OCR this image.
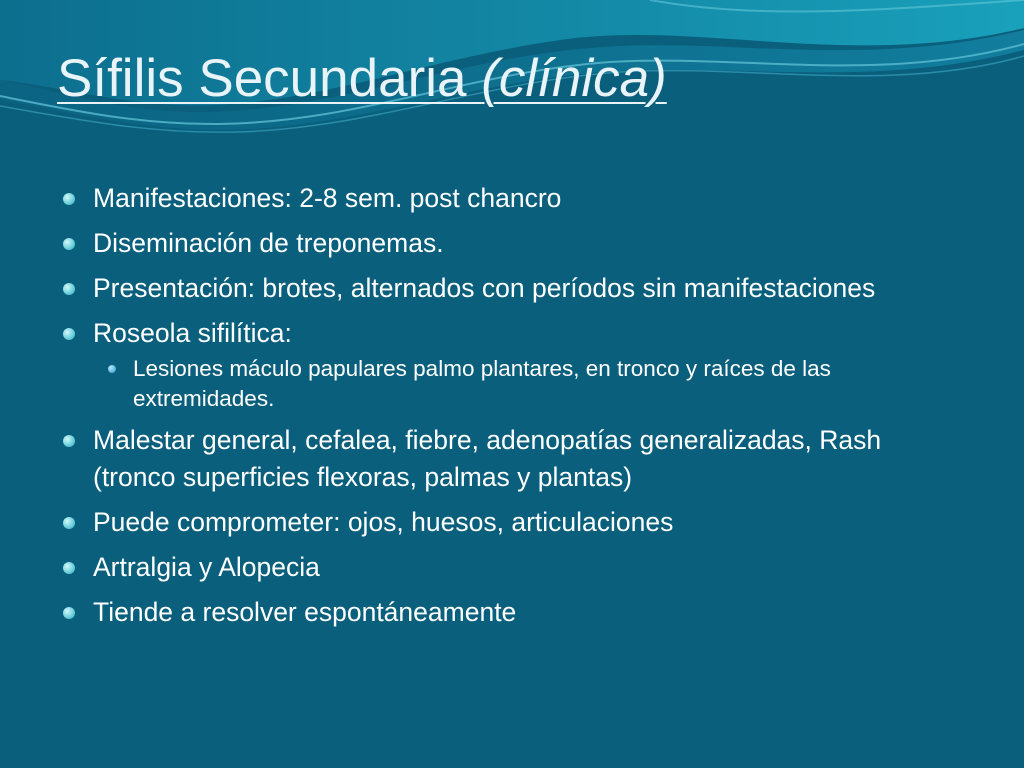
Sífilis Secundaria (clínica)
Manifestaciones: 2-8 sem. post chancro
Diseminación de treponemas.
Presentación: brotes, alternados con períodos sin manifestaciones
Roseola sifilítica:
Lesiones máculo papulares palmo plantares, en tronco y raíces de las extremidades.
Malestar general, cefalea, fiebre, adenopatías generalizadas, Rash (tronco superficies flexoras, palmas y plantas)
Puede comprometer: ojos, huesos, articulaciones
Artralgia y Alopecia
Tiende a resolver espontáneamente
